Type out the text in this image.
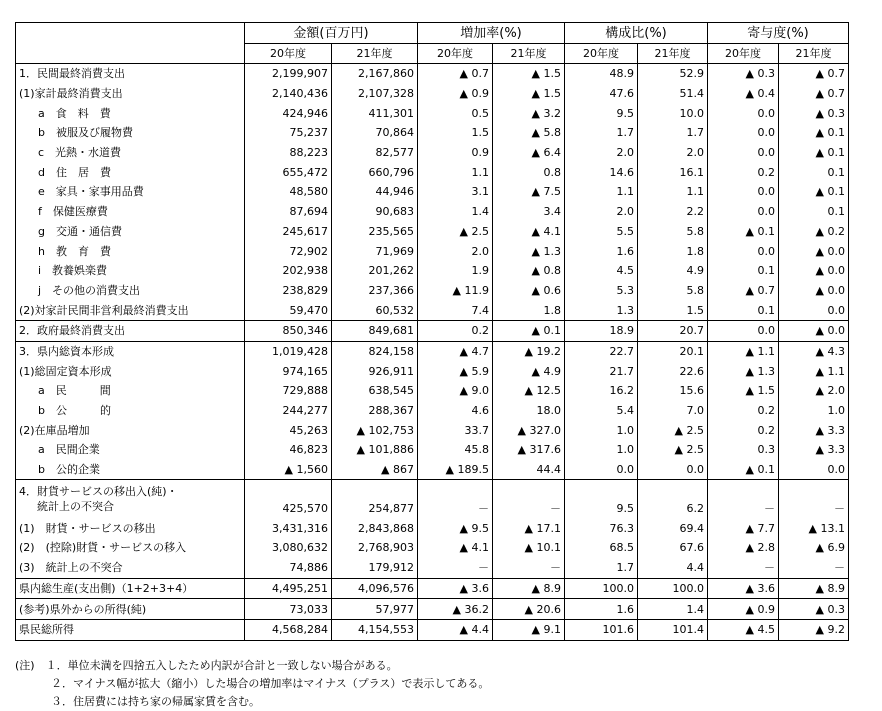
	金額(百万円)		増加率(%)		構成比(%)		寄与度(%)	
	20年度	21年度	20年度	21年度	20年度	21年度	20年度	21年度
1．民間最終消費支出	2,199,907	2,167,860	▲ 0.7	▲ 1.5	48.9	52.9	▲ 0.3	▲ 0.7
(1)家計最終消費支出	2,140,436	2,107,328	▲ 0.9	▲ 1.5	47.6	51.4	▲ 0.4	▲ 0.7
a　食　料　費	424,946	411,301	0.5	▲ 3.2	9.5	10.0	0.0	▲ 0.3
b　被服及び履物費	75,237	70,864	1.5	▲ 5.8	1.7	1.7	0.0	▲ 0.1
c　光熱・水道費	88,223	82,577	0.9	▲ 6.4	2.0	2.0	0.0	▲ 0.1
d　住　居　費	655,472	660,796	1.1	0.8	14.6	16.1	0.2	0.1
e　家具・家事用品費	48,580	44,946	3.1	▲ 7.5	1.1	1.1	0.0	▲ 0.1
f　保健医療費	87,694	90,683	1.4	3.4	2.0	2.2	0.0	0.1
g　交通・通信費	245,617	235,565	▲ 2.5	▲ 4.1	5.5	5.8	▲ 0.1	▲ 0.2
h　教　育　費	72,902	71,969	2.0	▲ 1.3	1.6	1.8	0.0	▲ 0.0
i　教養娯楽費	202,938	201,262	1.9	▲ 0.8	4.5	4.9	0.1	▲ 0.0
j　その他の消費支出	238,829	237,366	▲ 11.9	▲ 0.6	5.3	5.8	▲ 0.7	▲ 0.0
(2)対家計民間非営利最終消費支出	59,470	60,532	7.4	1.8	1.3	1.5	0.1	0.0
2．政府最終消費支出	850,346	849,681	0.2	▲ 0.1	18.9	20.7	0.0	▲ 0.0
3．県内総資本形成	1,019,428	824,158	▲ 4.7	▲ 19.2	22.7	20.1	▲ 1.1	▲ 4.3
(1)総固定資本形成	974,165	926,911	▲ 5.9	▲ 4.9	21.7	22.6	▲ 1.3	▲ 1.1
a　民　　　間	729,888	638,545	▲ 9.0	▲ 12.5	16.2	15.6	▲ 1.5	▲ 2.0
b　公　　　的	244,277	288,367	4.6	18.0	5.4	7.0	0.2	1.0
(2)在庫品増加	45,263	▲ 102,753	33.7	▲ 327.0	1.0	▲ 2.5	0.2	▲ 3.3
a　民間企業	46,823	▲ 101,886	45.8	▲ 317.6	1.0	▲ 2.5	0.3	▲ 3.3
b　公的企業	▲ 1,560	▲ 867	▲ 189.5	44.4	0.0	0.0	▲ 0.1	0.0
4．財貨サービスの移出入(純)・
統計上の不突合	425,570	254,877	－	－	9.5	6.2	－	－
(1)　財貨・サービスの移出	3,431,316	2,843,868	▲ 9.5	▲ 17.1	76.3	69.4	▲ 7.7	▲ 13.1
(2)　(控除)財貨・サービスの移入	3,080,632	2,768,903	▲ 4.1	▲ 10.1	68.5	67.6	▲ 2.8	▲ 6.9
(3)　統計上の不突合	74,886	179,912	－	－	1.7	4.4	－	－
県内総生産(支出側)（1+2+3+4）	4,495,251	4,096,576	▲ 3.6	▲ 8.9	100.0	100.0	▲ 3.6	▲ 8.9
(参考)県外からの所得(純)	73,033	57,977	▲ 36.2	▲ 20.6	1.6	1.4	▲ 0.9	▲ 0.3
県民総所得	4,568,284	4,154,553	▲ 4.4	▲ 9.1	101.6	101.4	▲ 4.5	▲ 9.2
(注)　 １．単位未満を四捨五入したため内訳が合計と一致しない場合がある。
２．マイナス幅が拡大（縮小）した場合の増加率はマイナス（プラス）で表示してある。
３．住居費には持ち家の帰属家賃を含む。
